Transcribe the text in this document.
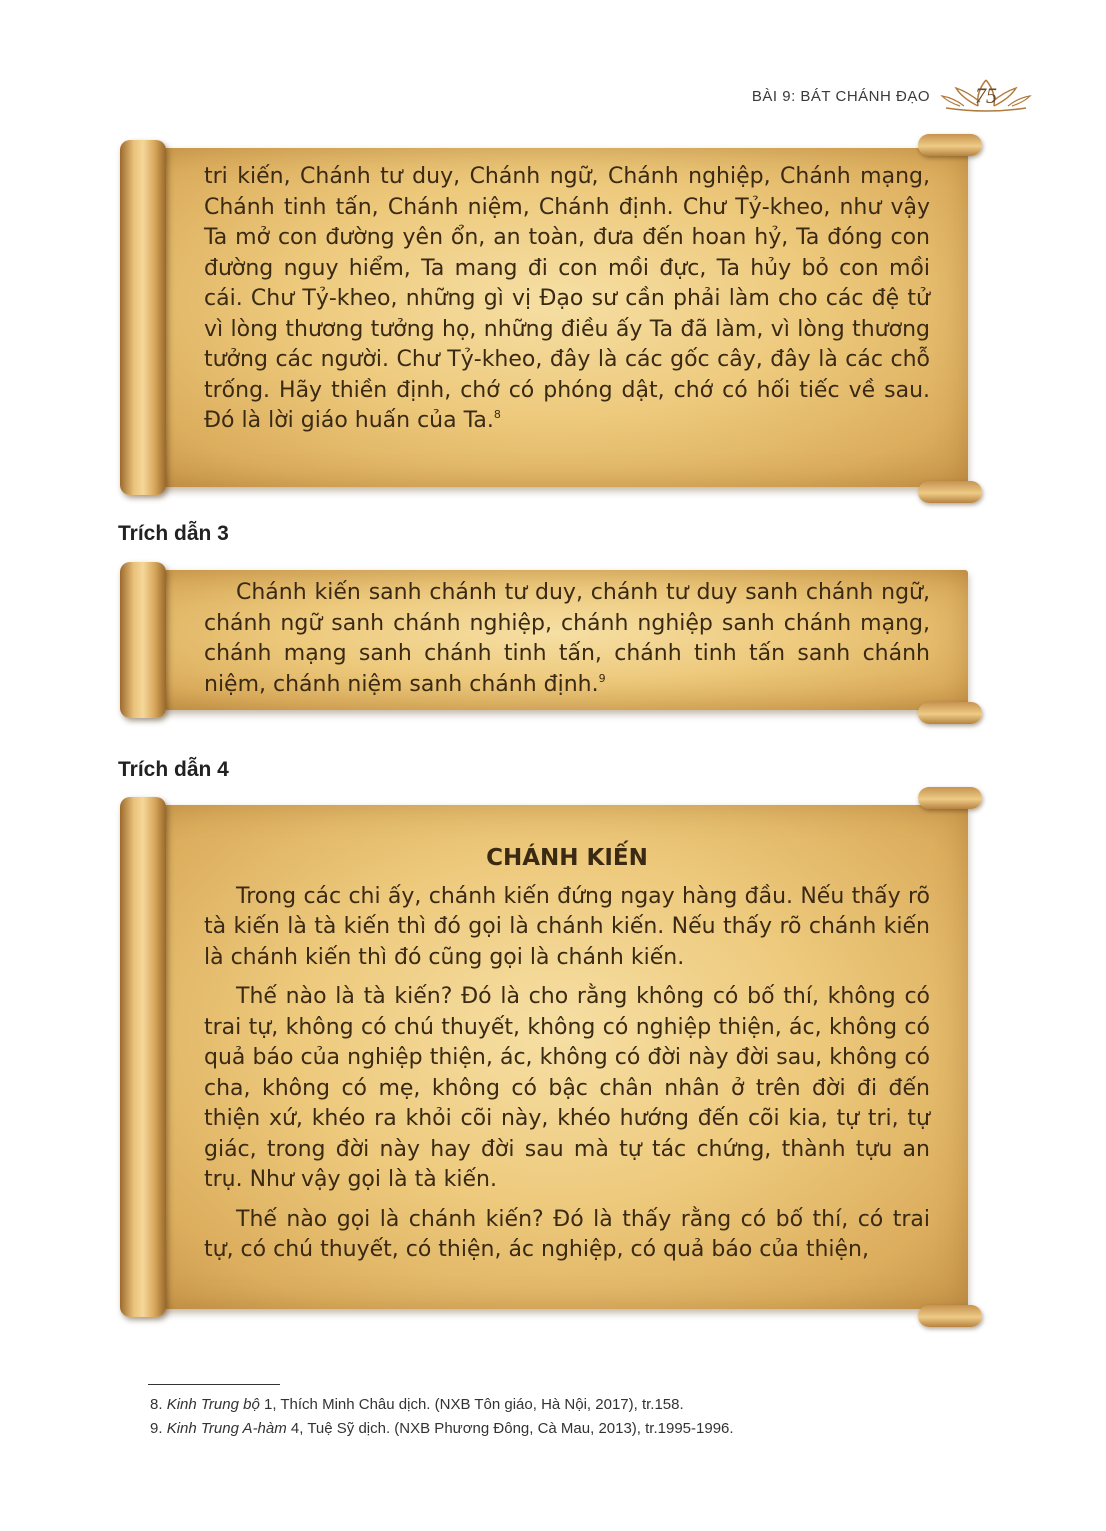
BÀI 9: BÁT CHÁNH ĐẠO 75

tri kiến, Chánh tư duy, Chánh ngữ, Chánh nghiệp, Chánh mạng, Chánh tinh tấn, Chánh niệm, Chánh định. Chư Tỷ-kheo, như vậy Ta mở con đường yên ổn, an toàn, đưa đến hoan hỷ, Ta đóng con đường nguy hiểm, Ta mang đi con mồi đực, Ta hủy bỏ con mồi cái. Chư Tỷ-kheo, những gì vị Đạo sư cần phải làm cho các đệ tử vì lòng thương tưởng họ, những điều ấy Ta đã làm, vì lòng thương tưởng các người. Chư Tỷ-kheo, đây là các gốc cây, đây là các chỗ trống. Hãy thiền định, chớ có phóng dật, chớ có hối tiếc về sau. Đó là lời giáo huấn của Ta.$^8$

Trích dẫn 3

Chánh kiến sanh chánh tư duy, chánh tư duy sanh chánh ngữ, chánh ngữ sanh chánh nghiệp, chánh nghiệp sanh chánh mạng, chánh mạng sanh chánh tinh tấn, chánh tinh tấn sanh chánh niệm, chánh niệm sanh chánh định.$^9$

Trích dẫn 4
CHÁNH KIẾN

Trong các chi ấy, chánh kiến đứng ngay hàng đầu. Nếu thấy rõ tà kiến là tà kiến thì đó gọi là chánh kiến. Nếu thấy rõ chánh kiến là chánh kiến thì đó cũng gọi là chánh kiến.

Thế nào là tà kiến? Đó là cho rằng không có bố thí, không có trai tự, không có chú thuyết, không có nghiệp thiện, ác, không có quả báo của nghiệp thiện, ác, không có đời này đời sau, không có cha, không có mẹ, không có bậc chân nhân ở trên đời đi đến thiện xứ, khéo ra khỏi cõi này, khéo hướng đến cõi kia, tự tri, tự giác, trong đời này hay đời sau mà tự tác chứng, thành tựu an trụ. Như vậy gọi là tà kiến.

Thế nào gọi là chánh kiến? Đó là thấy rằng có bố thí, có trai tự, có chú thuyết, có thiện, ác nghiệp, có quả báo của thiện,

8. Kinh Trung bộ 1, Thích Minh Châu dịch. (NXB Tôn giáo, Hà Nội, 2017), tr.158.
9. Kinh Trung A-hàm 4, Tuệ Sỹ dịch. (NXB Phương Đông, Cà Mau, 2013), tr.1995-1996.
